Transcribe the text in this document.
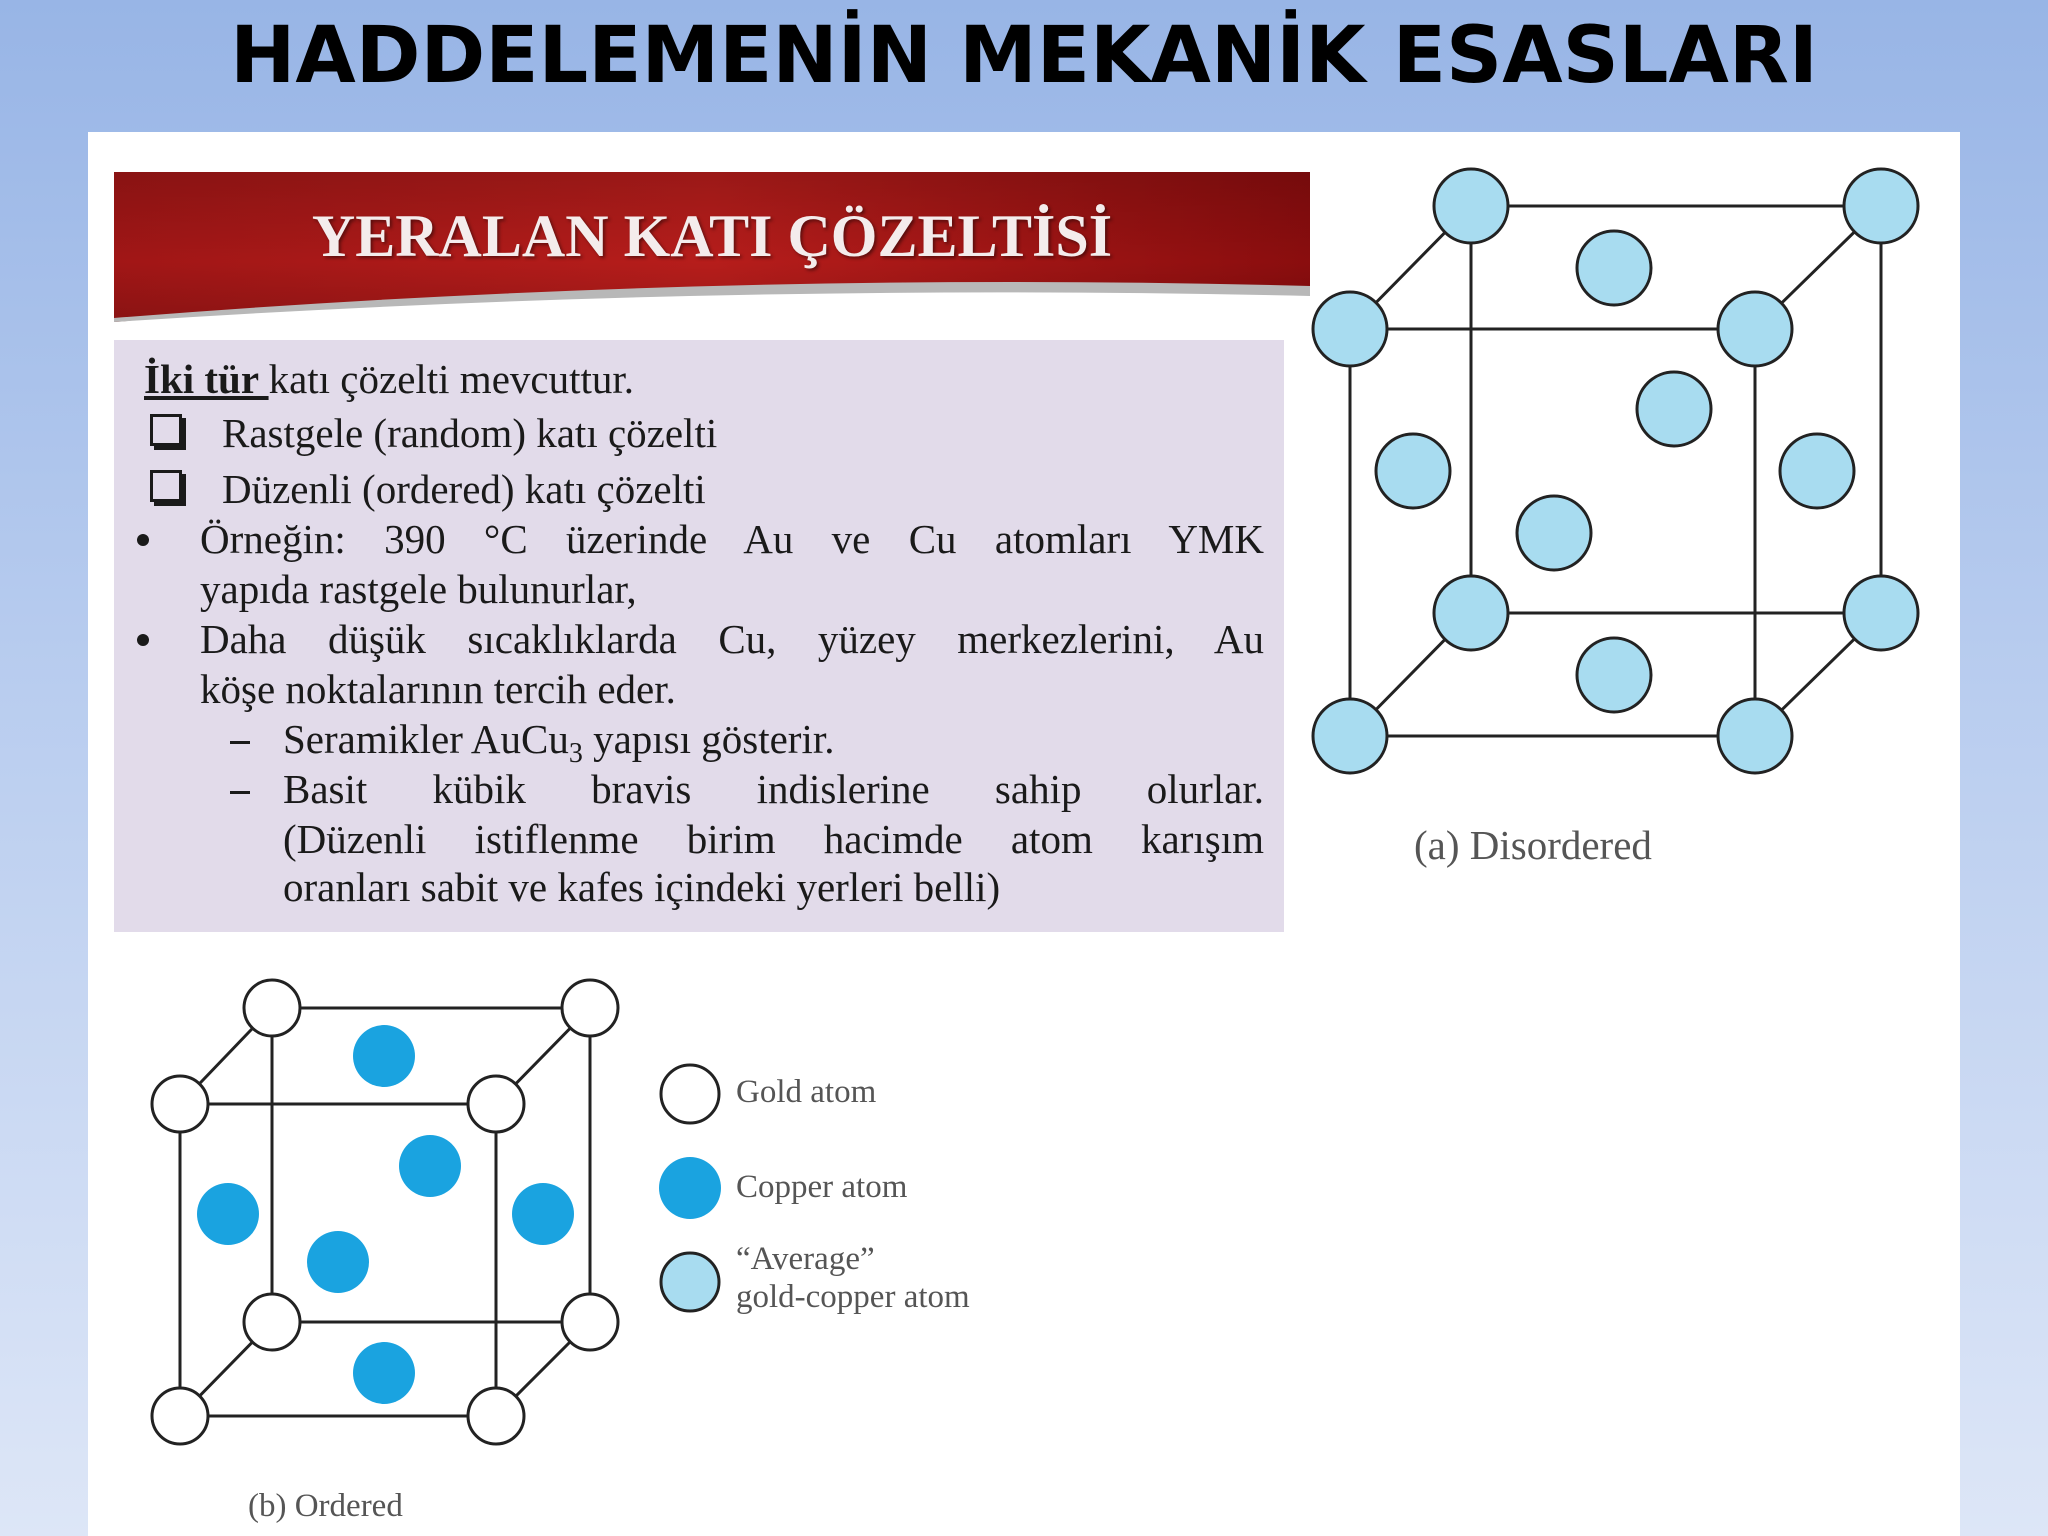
HADDELEMENİN MEKANİK ESASLARI
YERALAN KATI ÇÖZELTİSİ
İki tür katı çözelti mevcuttur.
Rastgele (random) katı çözelti
Düzenli (ordered) katı çözelti
Örneğin: 390 °C üzerinde Au ve Cu atomları YMK
yapıda rastgele bulunurlar,
Daha düşük sıcaklıklarda Cu, yüzey merkezlerini, Au
köşe noktalarının tercih eder.
Seramikler AuCu$_3$ yapısı gösterir.
Basit kübik bravis indislerine sahip olurlar.
(Düzenli istiflenme birim hacimde atom karışım
oranları sabit ve kafes içindeki yerleri belli)
(a) Disordered
(b) Ordered
Gold atom
Copper atom
“Average”
gold-copper atom
